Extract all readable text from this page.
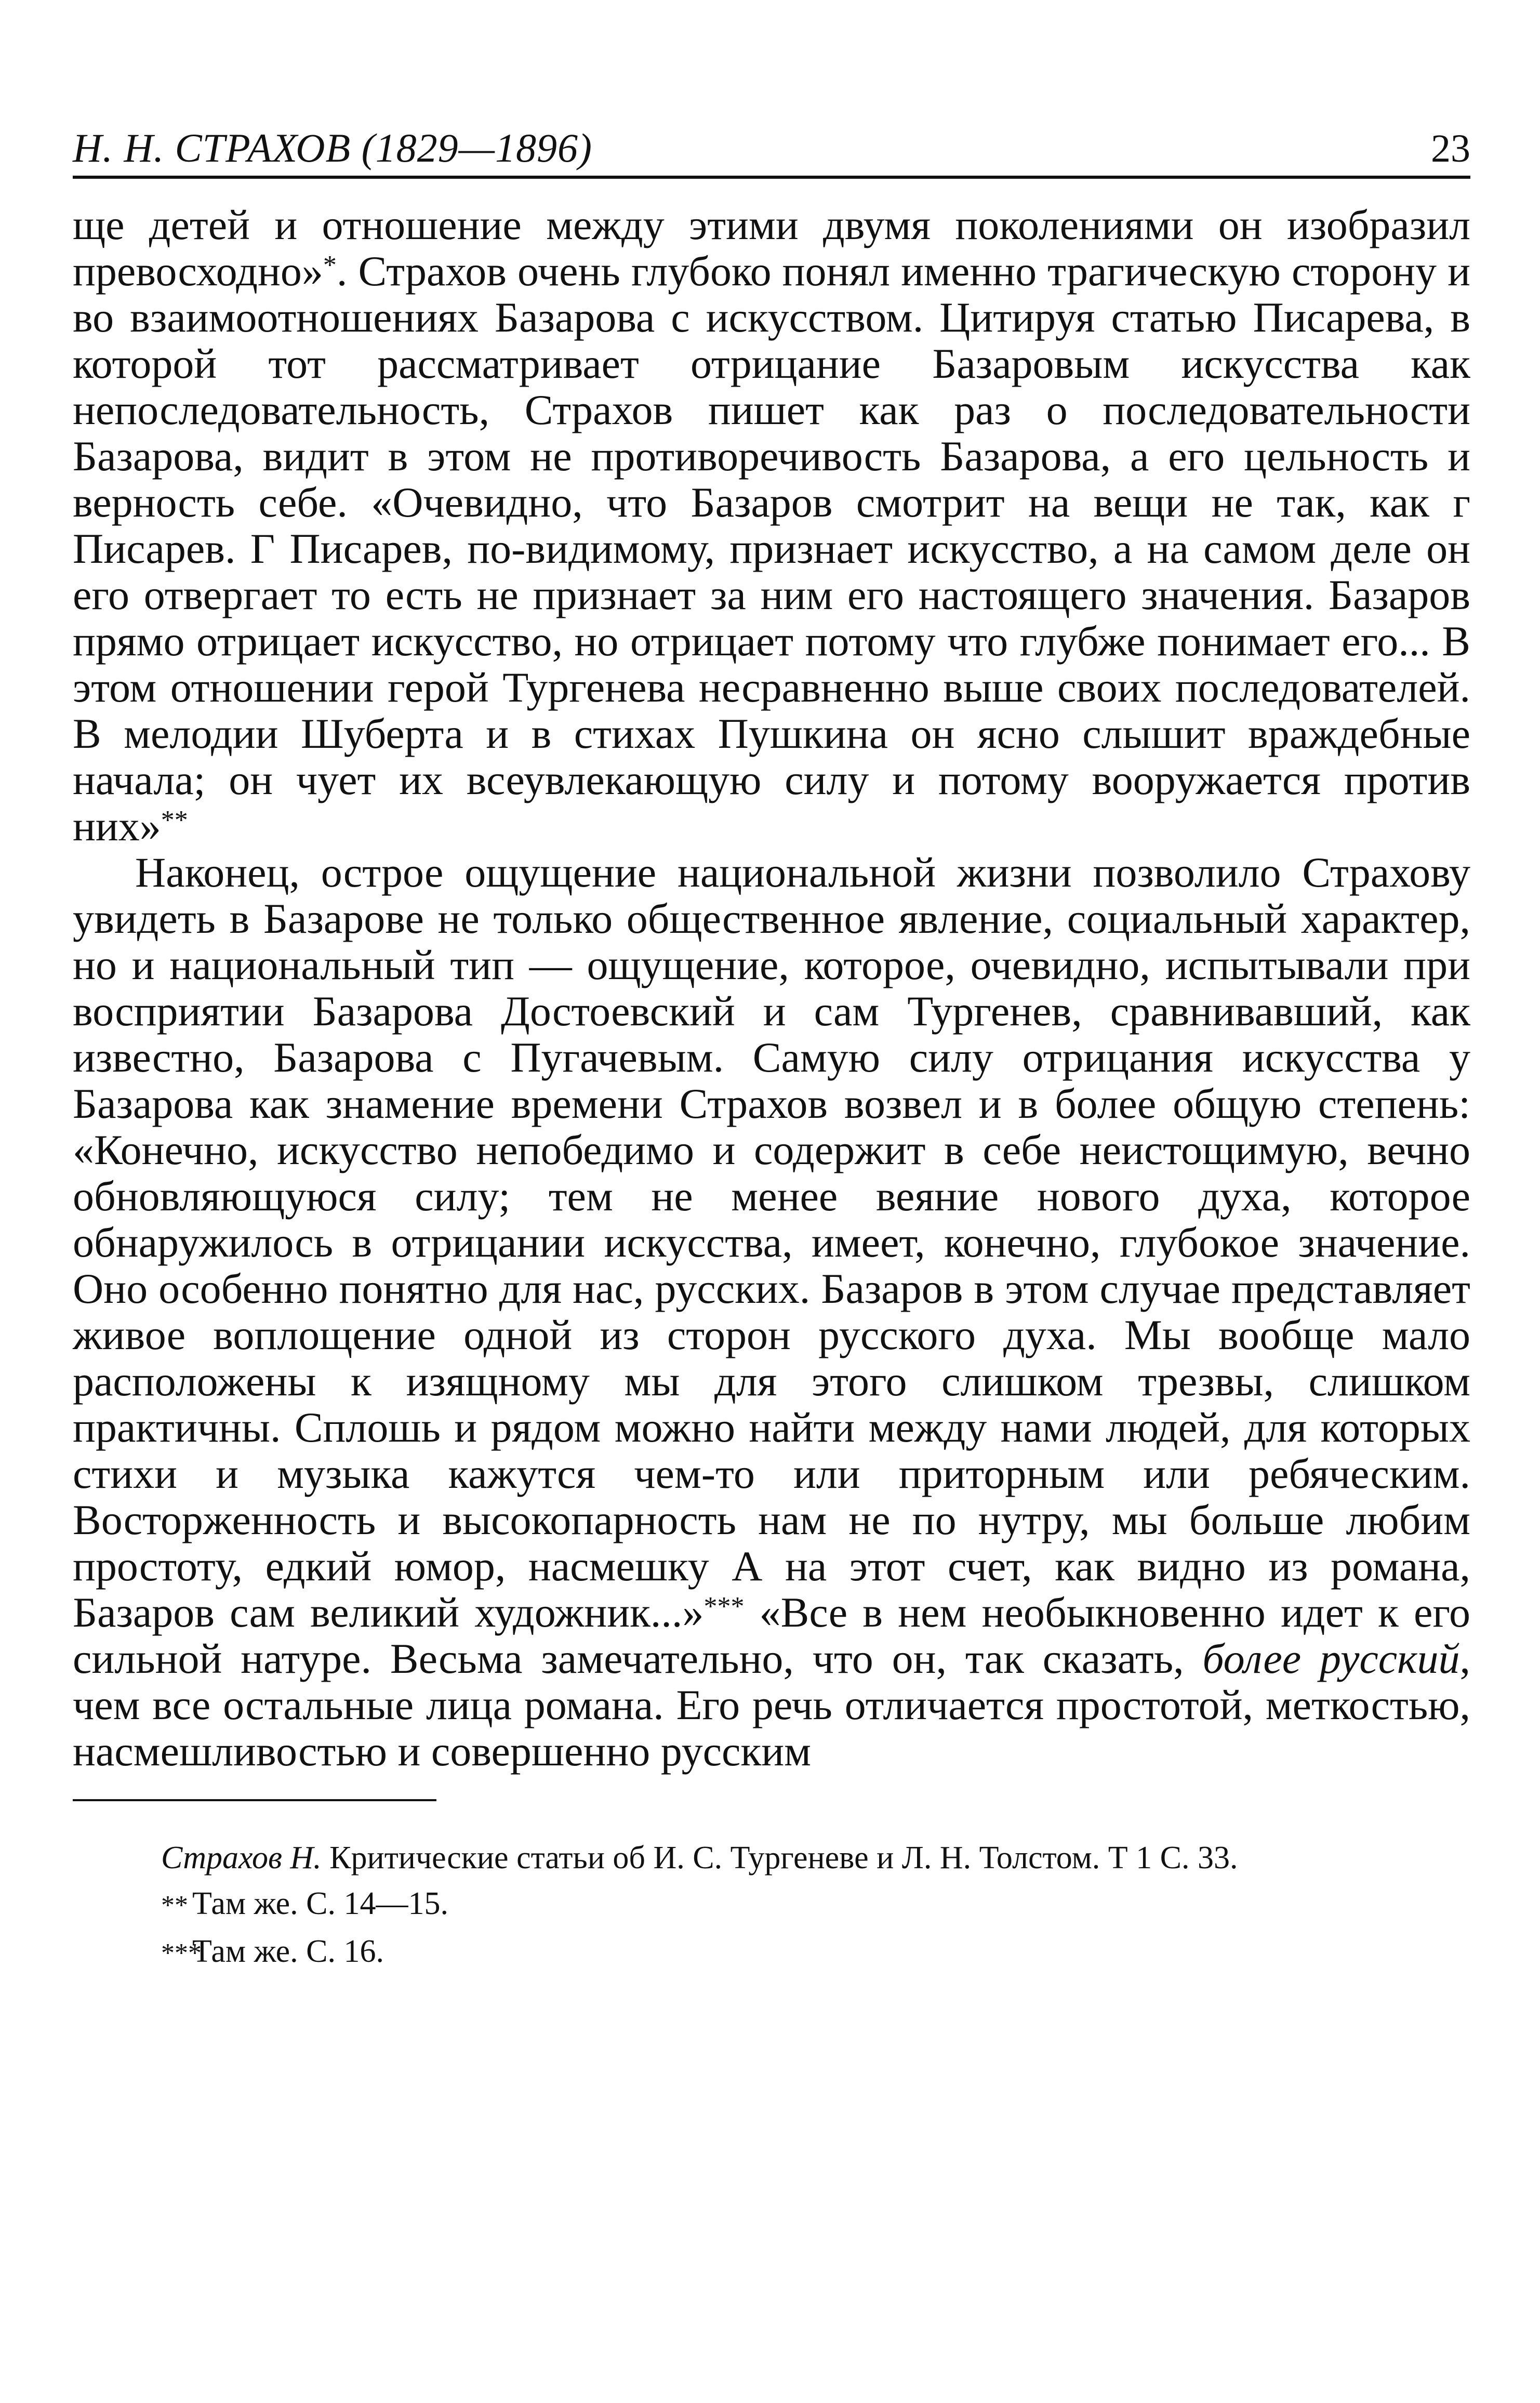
Н. Н. СТРАХОВ (1829—1896)	23

ще детей и отношение между этими двумя поколениями он изобразил превосходно»*. Страхов очень глубоко понял именно трагическую сторону и во взаимоотношениях Базарова с искусством. Цитируя статью Писарева, в которой тот рассматривает отрицание Базаровым искусства как непоследовательность, Страхов пишет как раз о последовательности Базарова, видит в этом не противоречивость Базарова, а его цельность и верность себе. «Очевидно, что Базаров смотрит на вещи не так, как г Писарев. Г Писарев, по-видимому, признает искусство, а на самом деле он его отвергает то есть не признает за ним его настоящего значения. Базаров прямо отрицает искусство, но отрицает потому что глубже понимает его... В этом отношении герой Тургенева несравненно выше своих последователей. В мелодии Шуберта и в стихах Пушкина он ясно слышит враждебные начала; он чует их всеувлекающую силу и потому вооружается против них»**

Наконец, острое ощущение национальной жизни позволило Страхову увидеть в Базарове не только общественное явление, социальный характер, но и национальный тип — ощущение, которое, очевидно, испытывали при восприятии Базарова Достоевский и сам Тургенев, сравнивавший, как известно, Базарова с Пугачевым. Самую силу отрицания искусства у Базарова как знамение времени Страхов возвел и в более общую степень: «Конечно, искусство непобедимо и содержит в себе неистощимую, вечно обновляющуюся силу; тем не менее веяние нового духа, которое обнаружилось в отрицании искусства, имеет, конечно, глубокое значение. Оно особенно понятно для нас, русских. Базаров в этом случае представляет живое воплощение одной из сторон русского духа. Мы вообще мало расположены к изящному мы для этого слишком трезвы, слишком практичны. Сплошь и рядом можно найти между нами людей, для которых стихи и музыка кажутся чем-то или приторным или ребяческим. Восторженность и высокопарность нам не по нутру, мы больше любим простоту, едкий юмор, насмешку А на этот счет, как видно из романа, Базаров сам великий художник...»*** «Все в нем необыкновенно идет к его сильной натуре. Весьма замечательно, что он, так сказать, более русский, чем все остальные лица романа. Его речь отличается простотой, меткостью, насмешливостью и совершенно русским

Страхов Н. Критические статьи об И. С. Тургеневе и Л. Н. Толстом. Т 1 С. 33.

** Там же. С. 14—15.

***Там же. С. 16.
